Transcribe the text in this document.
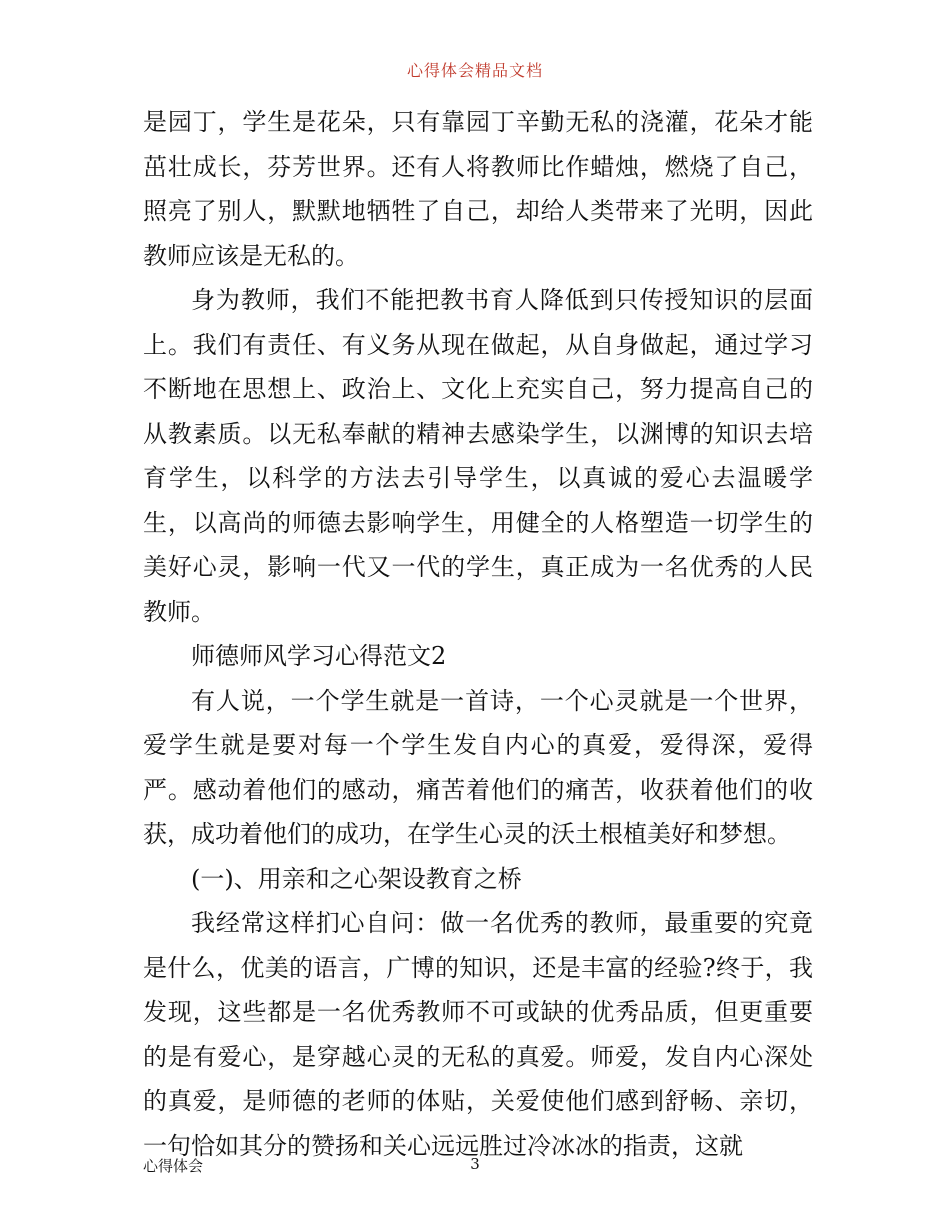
心得体会精品文档

是园丁，学生是花朵，只有靠园丁辛勤无私的浇灌，花朵才能茁壮成长，芬芳世界。还有人将教师比作蜡烛，燃烧了自己，照亮了别人，默默地牺牲了自己，却给人类带来了光明，因此教师应该是无私的。

身为教师，我们不能把教书育人降低到只传授知识的层面上。我们有责任、有义务从现在做起，从自身做起，通过学习不断地在思想上、政治上、文化上充实自己，努力提高自己的从教素质。以无私奉献的精神去感染学生，以渊博的知识去培育学生，以科学的方法去引导学生，以真诚的爱心去温暖学生，以高尚的师德去影响学生，用健全的人格塑造一切学生的美好心灵，影响一代又一代的学生，真正成为一名优秀的人民教师。

师德师风学习心得范文2

有人说，一个学生就是一首诗，一个心灵就是一个世界，爱学生就是要对每一个学生发自内心的真爱，爱得深，爱得严。感动着他们的感动，痛苦着他们的痛苦，收获着他们的收获，成功着他们的成功，在学生心灵的沃土根植美好和梦想。

(一)、用亲和之心架设教育之桥

我经常这样扪心自问：做一名优秀的教师，最重要的究竟是什么，优美的语言，广博的知识，还是丰富的经验?终于，我发现，这些都是一名优秀教师不可或缺的优秀品质，但更重要的是有爱心，是穿越心灵的无私的真爱。师爱，发自内心深处的真爱，是师德的老师的体贴，关爱使他们感到舒畅、亲切，一句恰如其分的赞扬和关心远远胜过冷冰冰的指责，这就

心得体会	3
